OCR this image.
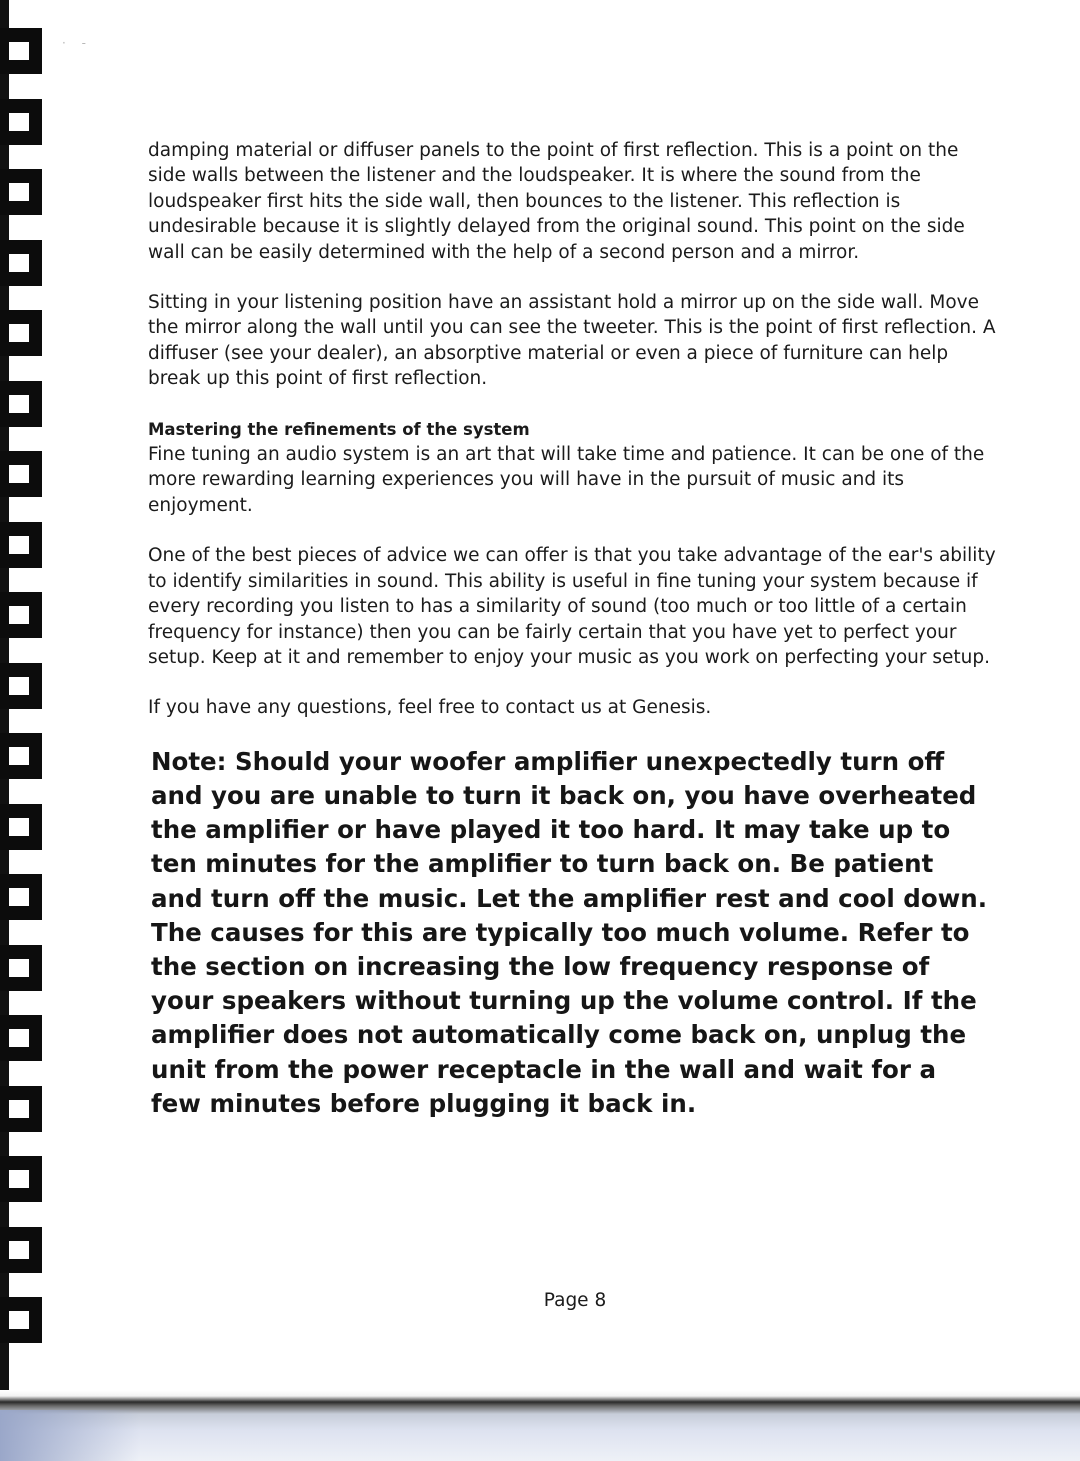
· -

damping material or diffuser panels to the point of first reflection. This is a point on the side walls between the listener and the loudspeaker. It is where the sound from the loudspeaker first hits the side wall, then bounces to the listener. This reflection is undesirable because it is slightly delayed from the original sound. This point on the side wall can be easily determined with the help of a second person and a mirror.

Sitting in your listening position have an assistant hold a mirror up on the side wall. Move the mirror along the wall until you can see the tweeter. This is the point of first reflection. A diffuser (see your dealer), an absorptive material or even a piece of furniture can help break up this point of first reflection.

Mastering the refinements of the system

Fine tuning an audio system is an art that will take time and patience. It can be one of the more rewarding learning experiences you will have in the pursuit of music and its enjoyment.

One of the best pieces of advice we can offer is that you take advantage of the ear's ability to identify similarities in sound. This ability is useful in fine tuning your system because if every recording you listen to has a similarity of sound (too much or too little of a certain frequency for instance) then you can be fairly certain that you have yet to perfect your setup. Keep at it and remember to enjoy your music as you work on perfecting your setup.

If you have any questions, feel free to contact us at Genesis.

Note: Should your woofer amplifier unexpectedly turn off and you are unable to turn it back on, you have overheated the amplifier or have played it too hard. It may take up to ten minutes for the amplifier to turn back on. Be patient and turn off the music. Let the amplifier rest and cool down. The causes for this are typically too much volume. Refer to the section on increasing the low frequency response of your speakers without turning up the volume control. If the amplifier does not automatically come back on, unplug the unit from the power receptacle in the wall and wait for a few minutes before plugging it back in.

Page 8
